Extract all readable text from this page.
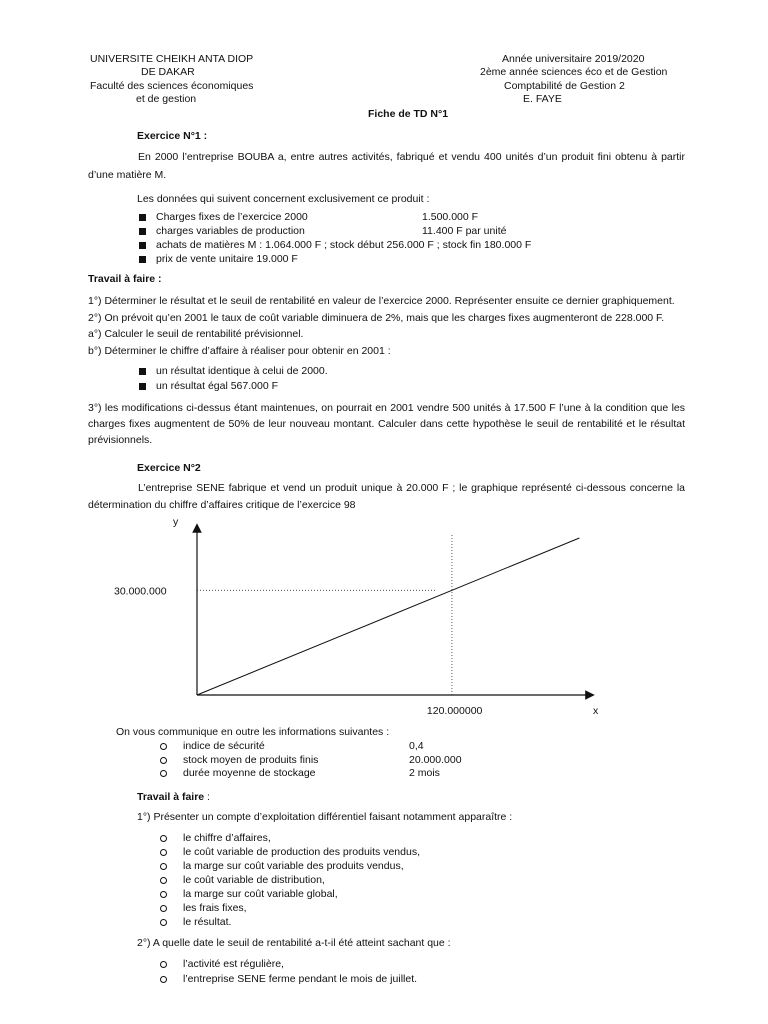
UNIVERSITE CHEIKH ANTA DIOP
DE DAKAR
Faculté des sciences économiques
et de gestion
Année universitaire 2019/2020
2ème année sciences éco et de Gestion
Comptabilité de Gestion 2
E. FAYE
Fiche de TD N°1
Exercice N°1 :
En 2000 l’entreprise BOUBA a, entre autres activités, fabriqué et vendu 400 unités d’un produit fini obtenu à partir d’une matière M.
Les données qui suivent concernent exclusivement ce produit :
Charges fixes de l’exercice 2000	1.500.000 F
charges variables de production	11.400 F par unité
achats de matières M : 1.064.000 F ; stock début 256.000 F ; stock fin 180.000 F
prix de vente unitaire 19.000 F
Travail à faire :
1°) Déterminer le résultat et le seuil de rentabilité en valeur de l’exercice 2000. Représenter ensuite ce dernier graphiquement.
2°) On prévoit qu’en 2001 le taux de coût variable diminuera de 2%, mais que les charges fixes augmenteront de 228.000 F.
a°) Calculer le seuil de rentabilité prévisionnel.
b°) Déterminer le chiffre d’affaire à réaliser pour obtenir en 2001 :
un résultat identique à celui de 2000.
un résultat égal 567.000 F
3°) les modifications ci-dessus étant maintenues, on pourrait en 2001 vendre 500 unités à 17.500 F l’une à la condition que les charges fixes augmentent de 50% de leur nouveau montant. Calculer dans cette hypothèse le seuil de rentabilité et le résultat prévisionnels.
Exercice N°2
L’entreprise SENE fabrique et vend un produit unique à 20.000 F ; le graphique représenté ci-dessous concerne la détermination du chiffre d’affaires critique de l’exercice 98
y
x
30.000.000
120.000000
On vous communique en outre les informations suivantes :
indice de sécurité	0,4
stock moyen de produits finis	20.000.000
durée moyenne de stockage	2 mois
Travail à faire :
1°) Présenter un compte d’exploitation différentiel faisant notamment apparaître :
le chiffre d’affaires,
le coût variable de production des produits vendus,
la marge sur coût variable des produits vendus,
le coût variable de distribution,
la marge sur coût variable global,
les frais fixes,
le résultat.
2°) A quelle date le seuil de rentabilité a-t-il été atteint sachant que :
l’activité est régulière,
l’entreprise SENE ferme pendant le mois de juillet.
